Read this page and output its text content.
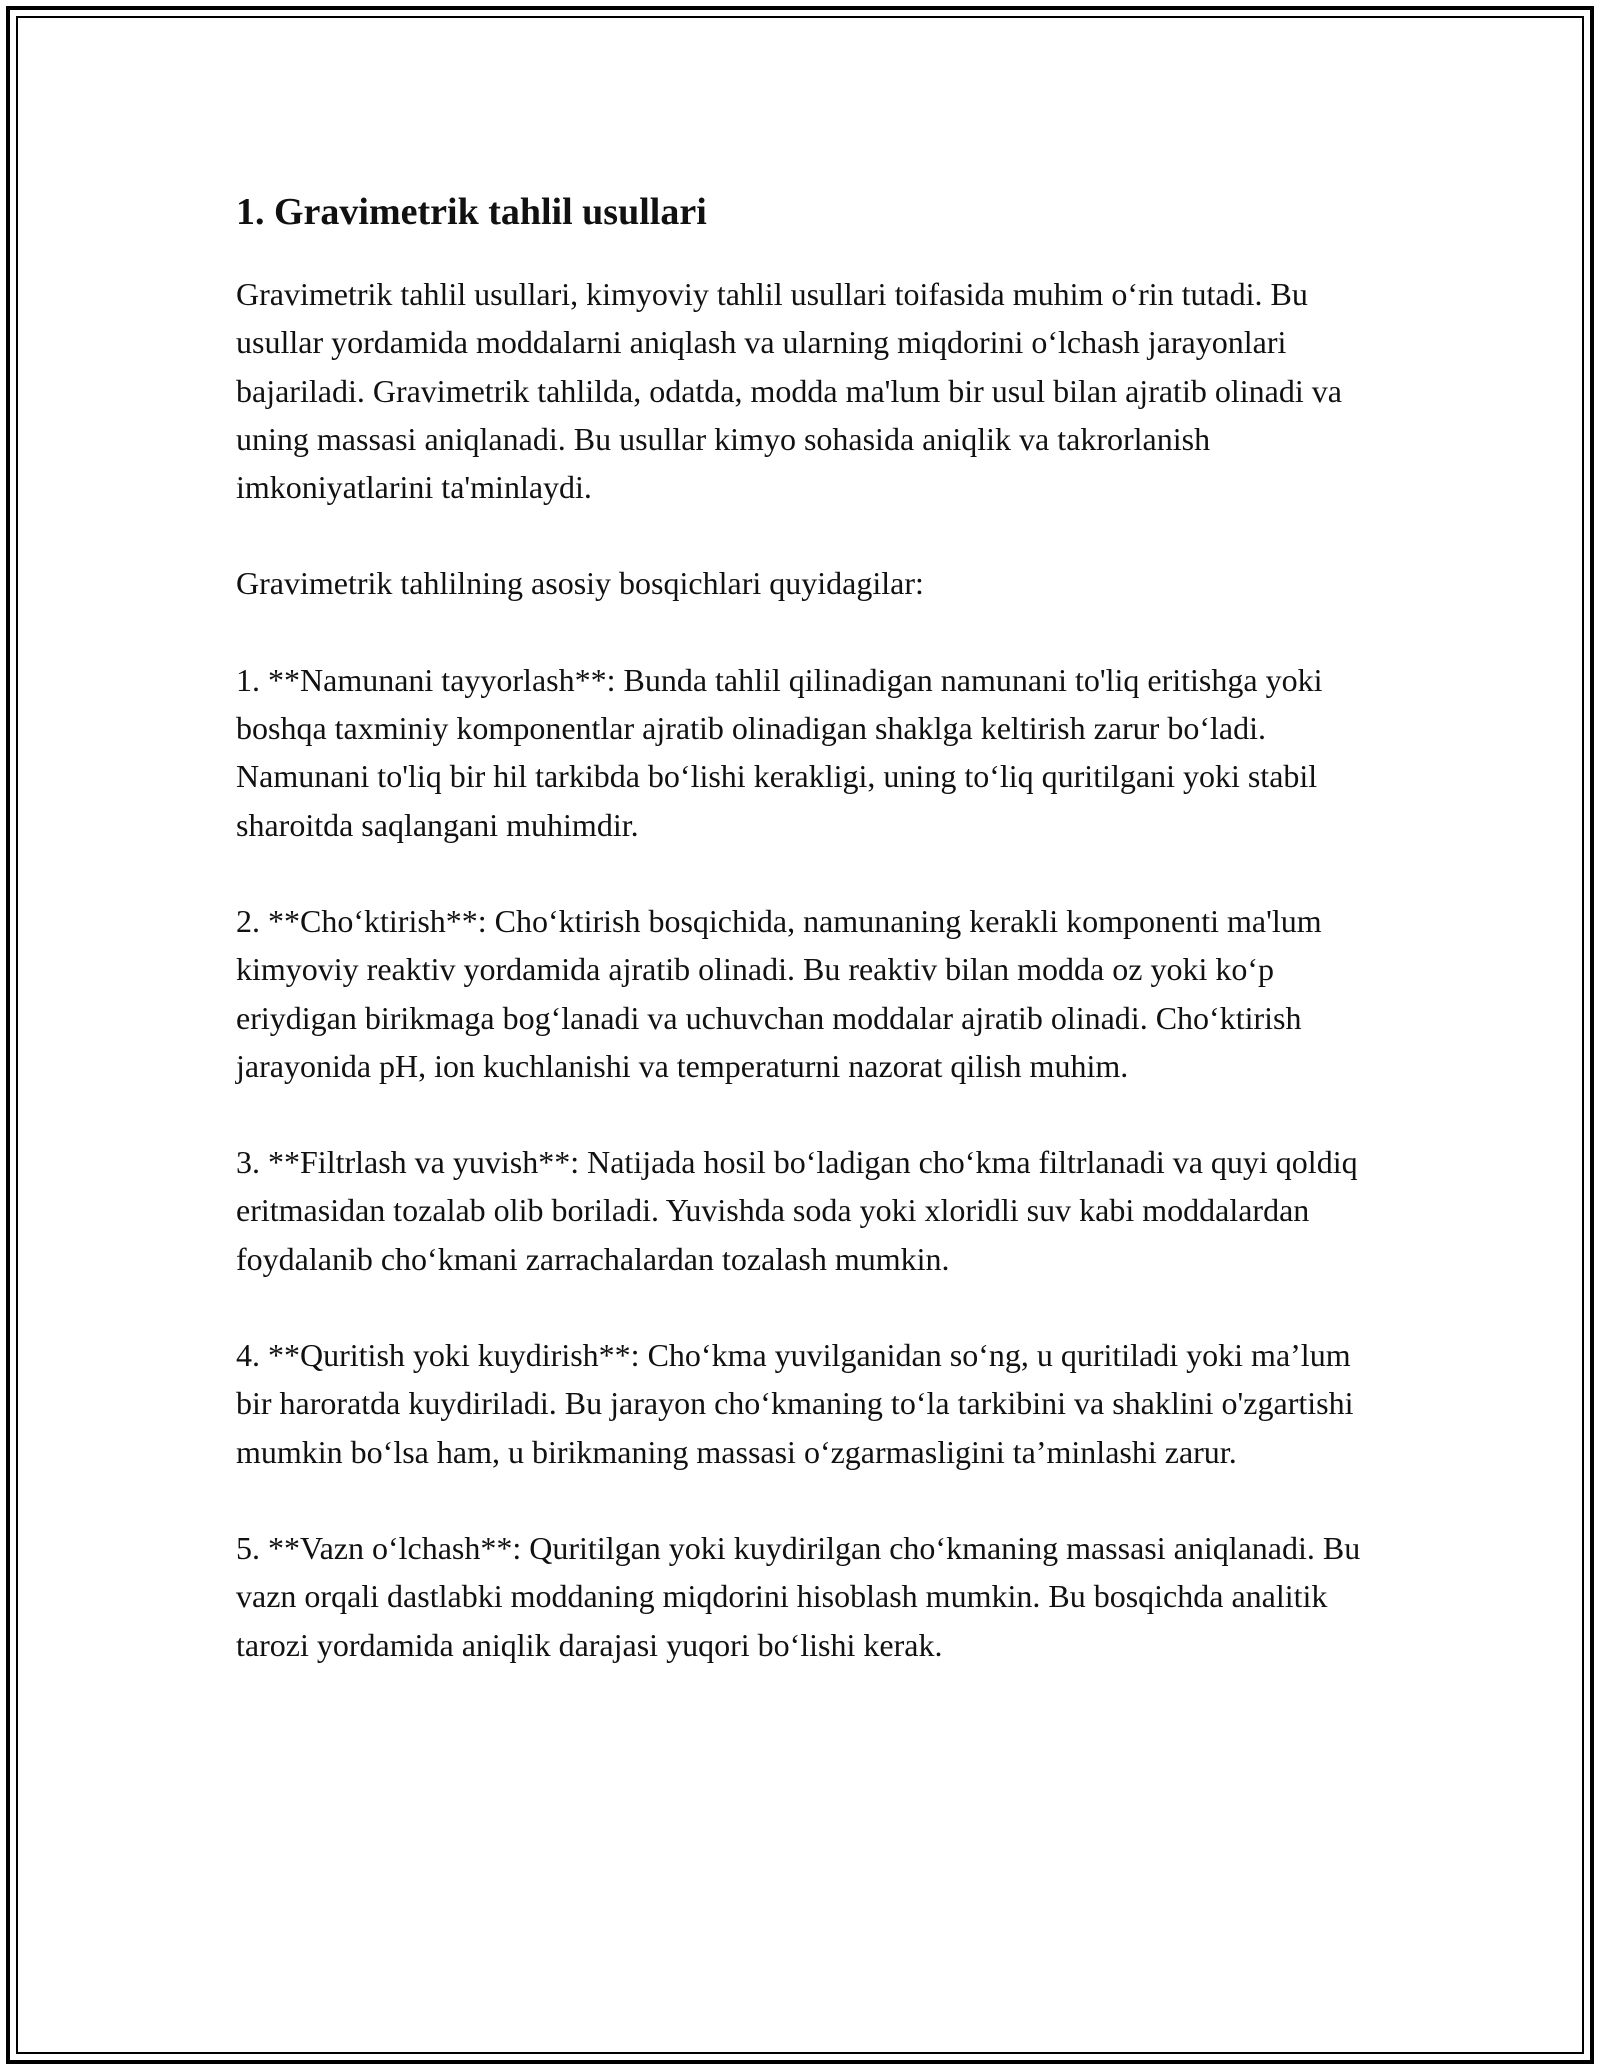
1. Gravimetrik tahlil usullari

Gravimetrik tahlil usullari, kimyoviy tahlil usullari toifasida muhim o‘rin tutadi. Bu usullar yordamida moddalarni aniqlash va ularning miqdorini o‘lchash jarayonlari bajariladi. Gravimetrik tahlilda, odatda, modda ma'lum bir usul bilan ajratib olinadi va uning massasi aniqlanadi. Bu usullar kimyo sohasida aniqlik va takrorlanish imkoniyatlarini ta'minlaydi.

Gravimetrik tahlilning asosiy bosqichlari quyidagilar:

1. **Namunani tayyorlash**: Bunda tahlil qilinadigan namunani to'liq eritishga yoki boshqa taxminiy komponentlar ajratib olinadigan shaklga keltirish zarur bo‘ladi. Namunani to'liq bir hil tarkibda bo‘lishi kerakligi, uning to‘liq quritilgani yoki stabil sharoitda saqlangani muhimdir.

2. **Cho‘ktirish**: Cho‘ktirish bosqichida, namunaning kerakli komponenti ma'lum kimyoviy reaktiv yordamida ajratib olinadi. Bu reaktiv bilan modda oz yoki ko‘p eriydigan birikmaga bog‘lanadi va uchuvchan moddalar ajratib olinadi. Cho‘ktirish jarayonida pH, ion kuchlanishi va temperaturni nazorat qilish muhim.

3. **Filtrlash va yuvish**: Natijada hosil bo‘ladigan cho‘kma filtrlanadi va quyi qoldiq eritmasidan tozalab olib boriladi. Yuvishda soda yoki xloridli suv kabi moddalardan foydalanib cho‘kmani zarrachalardan tozalash mumkin.

4. **Quritish yoki kuydirish**: Cho‘kma yuvilganidan so‘ng, u quritiladi yoki ma’lum bir haroratda kuydiriladi. Bu jarayon cho‘kmaning to‘la tarkibini va shaklini o'zgartishi mumkin bo‘lsa ham, u birikmaning massasi o‘zgarmasligini ta’minlashi zarur.

5. **Vazn o‘lchash**: Quritilgan yoki kuydirilgan cho‘kmaning massasi aniqlanadi. Bu vazn orqali dastlabki moddaning miqdorini hisoblash mumkin. Bu bosqichda analitik tarozi yordamida aniqlik darajasi yuqori bo‘lishi kerak.
